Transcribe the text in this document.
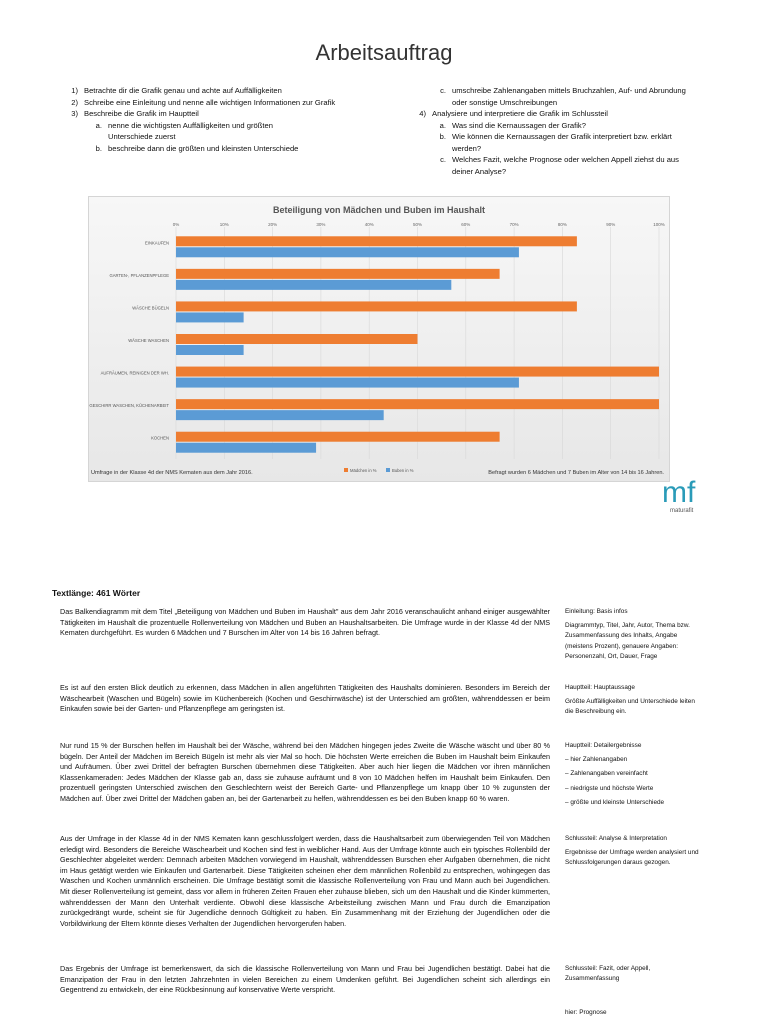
Arbeitsauftrag
1) Betrachte dir die Grafik genau und achte auf Auffälligkeiten
2) Schreibe eine Einleitung und nenne alle wichtigen Informationen zur Grafik
3) Beschreibe die Grafik im Hauptteil
a. nenne die wichtigsten Auffälligkeiten und größten Unterschiede zuerst
b. beschreibe dann die größten und kleinsten Unterschiede
c. umschreibe Zahlenangaben mittels Bruchzahlen, Auf- und Abrundung oder sonstige Umschreibungen
4) Analysiere und interpretiere die Grafik im Schlussteil
a. Was sind die Kernaussagen der Grafik?
b. Wie können die Kernaussagen der Grafik interpretiert bzw. erklärt werden?
c. Welches Fazit, welche Prognose oder welchen Appell ziehst du aus deiner Analyse?
Beteiligung von Mädchen und Buben im Haushalt
0%	10%	20%	30%	40%	50%	60%	70%	80%	90%	100%
EINKAUFEN
GARTEN-, PFLANZENPFLEGE
WÄSCHE BÜGELN
WÄSCHE WASCHEN
AUFRÄUMEN, REINIGEN DER WH.
GESCHIRR WASCHEN, KÜCHENARBEIT
KOCHEN
Umfrage in der Klasse 4d der NMS Kematen aus dem Jahr 2016.	Befragt wurden 6 Mädchen und 7 Buben im Alter von 14 bis 16 Jahren.
Mädchen in %	Buben in %
mf
maturafit
Textlänge: 461 Wörter
Das Balkendiagramm mit dem Titel „Beteiligung von Mädchen und Buben im Haushalt" aus dem Jahr 2016 veranschaulicht anhand einiger ausgewählter Tätigkeiten im Haushalt die prozentuelle Rollenverteilung von Mädchen und Buben an Haushaltsarbeiten. Die Umfrage wurde in der Klasse 4d der NMS Kematen durchgeführt. Es wurden 6 Mädchen und 7 Burschen im Alter von 14 bis 16 Jahren befragt.
Es ist auf den ersten Blick deutlich zu erkennen, dass Mädchen in allen angeführten Tätigkeiten des Haushalts dominieren. Besonders im Bereich der Wäschearbeit (Waschen und Bügeln) sowie im Küchenbereich (Kochen und Geschirrwäsche) ist der Unterschied am größten, währenddessen er beim Einkaufen sowie bei der Garten- und Pflanzenpflege am geringsten ist.
Nur rund 15 % der Burschen helfen im Haushalt bei der Wäsche, während bei den Mädchen hingegen jedes Zweite die Wäsche wäscht und über 80 % bügeln. Der Anteil der Mädchen im Bereich Bügeln ist mehr als vier Mal so hoch. Die höchsten Werte erreichen die Buben im Haushalt beim Einkaufen und Aufräumen. Über zwei Drittel der befragten Burschen übernehmen diese Tätigkeiten. Aber auch hier liegen die Mädchen vor ihren männlichen Klassenkameraden: Jedes Mädchen der Klasse gab an, dass sie zuhause aufräumt und 8 von 10 Mädchen helfen im Haushalt beim Einkaufen. Den prozentuell geringsten Unterschied zwischen den Geschlechtern weist der Bereich Garte- und Pflanzenpflege um knapp über 10 % zugunsten der Mädchen auf. Über zwei Drittel der Mädchen gaben an, bei der Gartenarbeit zu helfen, währenddessen es bei den Buben knapp 60 % waren.
Aus der Umfrage in der Klasse 4d in der NMS Kematen kann geschlussfolgert werden, dass die Haushaltsarbeit zum überwiegenden Teil von Mädchen erledigt wird. Besonders die Bereiche Wäschearbeit und Kochen sind fest in weiblicher Hand. Aus der Umfrage könnte auch ein typisches Rollenbild der Geschlechter abgeleitet werden: Demnach arbeiten Mädchen vorwiegend im Haushalt, währenddessen Burschen eher Aufgaben übernehmen, die nicht im Haus getätigt werden wie Einkaufen und Gartenarbeit. Diese Tätigkeiten scheinen eher dem männlichen Rollenbild zu entsprechen, wohingegen das Waschen und Kochen unmännlich erscheinen. Die Umfrage bestätigt somit die klassische Rollenverteilung von Frau und Mann auch bei Jugendlichen. Mit dieser Rollenverteilung ist gemeint, dass vor allem in früheren Zeiten Frauen eher zuhause blieben, sich um den Haushalt und die Kinder kümmerten, währenddessen der Mann den Unterhalt verdiente. Obwohl diese klassische Arbeitsteilung zwischen Mann und Frau durch die Emanzipation zurückgedrängt wurde, scheint sie für Jugendliche dennoch Gültigkeit zu haben. Ein Zusammenhang mit der Erziehung der Jugendlichen oder die Vorbildwirkung der Eltern könnte dieses Verhalten der Jugendlichen hervorgerufen haben.
Das Ergebnis der Umfrage ist bemerkenswert, da sich die klassische Rollenverteilung von Mann und Frau bei Jugendlichen bestätigt. Dabei hat die Emanzipation der Frau in den letzten Jahrzehnten in vielen Bereichen zu einem Umdenken geführt. Bei Jugendlichen scheint sich allerdings ein Gegentrend zu entwickeln, der eine Rückbesinnung auf konservative Werte verspricht.

Einleitung: Basis infos

Diagrammtyp, Titel, Jahr, Autor, Thema bzw. Zusammenfassung des Inhalts, Angabe (meistens Prozent), genauere Angaben: Personenzahl, Ort, Dauer, Frage

Hauptteil: Hauptaussage

Größte Auffälligkeiten und Unterschiede leiten die Beschreibung ein.

Hauptteil: Detailergebnisse

– hier Zahlenangaben

– Zahlenangaben vereinfacht

– niedrigste und höchste Werte

– größte und kleinste Unterschiede

Schlussteil: Analyse & Interpretation

Ergebnisse der Umfrage werden analysiert und Schlussfolgerungen daraus gezogen.

Schlussteil: Fazit, oder Appell, Zusammenfassung

hier: Prognose
